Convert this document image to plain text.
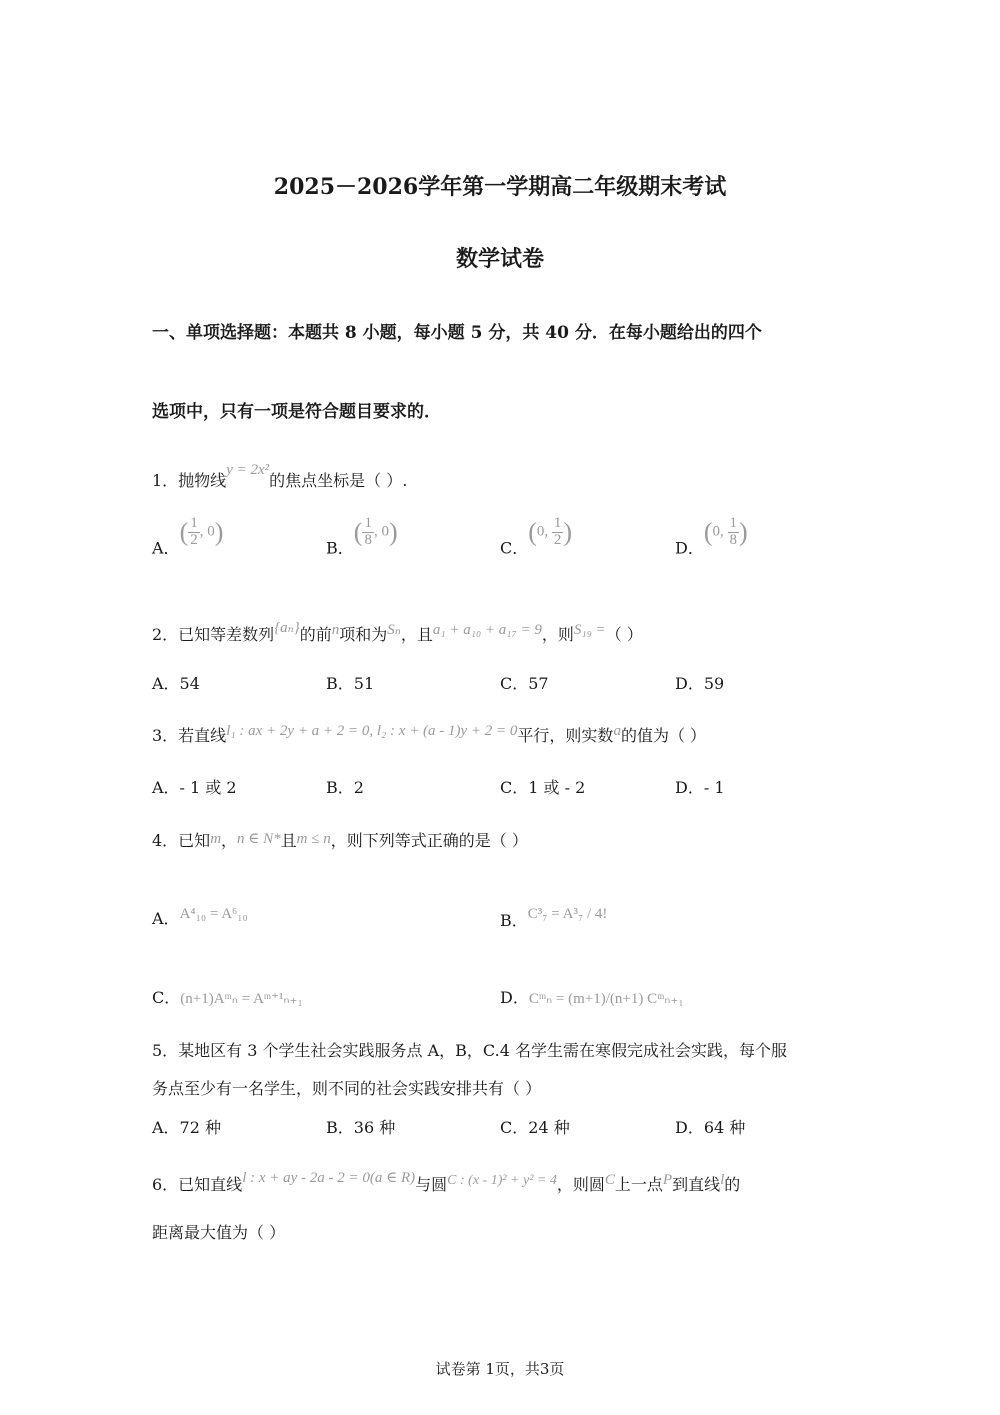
2025－2026学年第一学期高二年级期末考试
数学试卷
一、单项选择题：本题共 8 小题，每小题 5 分，共 40 分．在每小题给出的四个
选项中，只有一项是符合题目要求的．
1．抛物线y = 2x²的焦点坐标是（ ）.
A．( $\frac{1}{2}$ , 0)
B．( $\frac{1}{8}$ , 0)
C．(0, $\frac{1}{2}$ )
D．(0, $\frac{1}{8}$ )
2．已知等差数列{aₙ}的前n项和为Sₙ，且a₁ + a₁₀ + a₁₇ = 9，则S₁₉ =（ ）
A．54	B．51	C．57	D．59
3．若直线l₁ : ax + 2y + a + 2 = 0, l₂ : x + (a - 1)y + 2 = 0平行，则实数a的值为（ ）
A．- 1 或 2	B．2	C．1 或 - 2	D．- 1
4．已知m，n ∈ N*且m ≤ n，则下列等式正确的是（ ）
A．A⁴₁₀ = A⁶₁₀	B．C³₇ = A³₇ / 4!
C．(n+1)Aᵐₙ = Aᵐ⁺¹ₙ₊₁	D．Cᵐₙ = (m+1)/(n+1) Cᵐₙ₊₁
5．某地区有 3 个学生社会实践服务点 A，B，C.4 名学生需在寒假完成社会实践，每个服
务点至少有一名学生，则不同的社会实践安排共有（ ）
A．72 种	B．36 种	C．24 种	D．64 种
6．已知直线l : x + ay - 2a - 2 = 0(a ∈ R)与圆C : (x - 1)² + y² = 4，则圆C上一点P到直线l的
距离最大值为（ ）
试卷第 1页，共3页
